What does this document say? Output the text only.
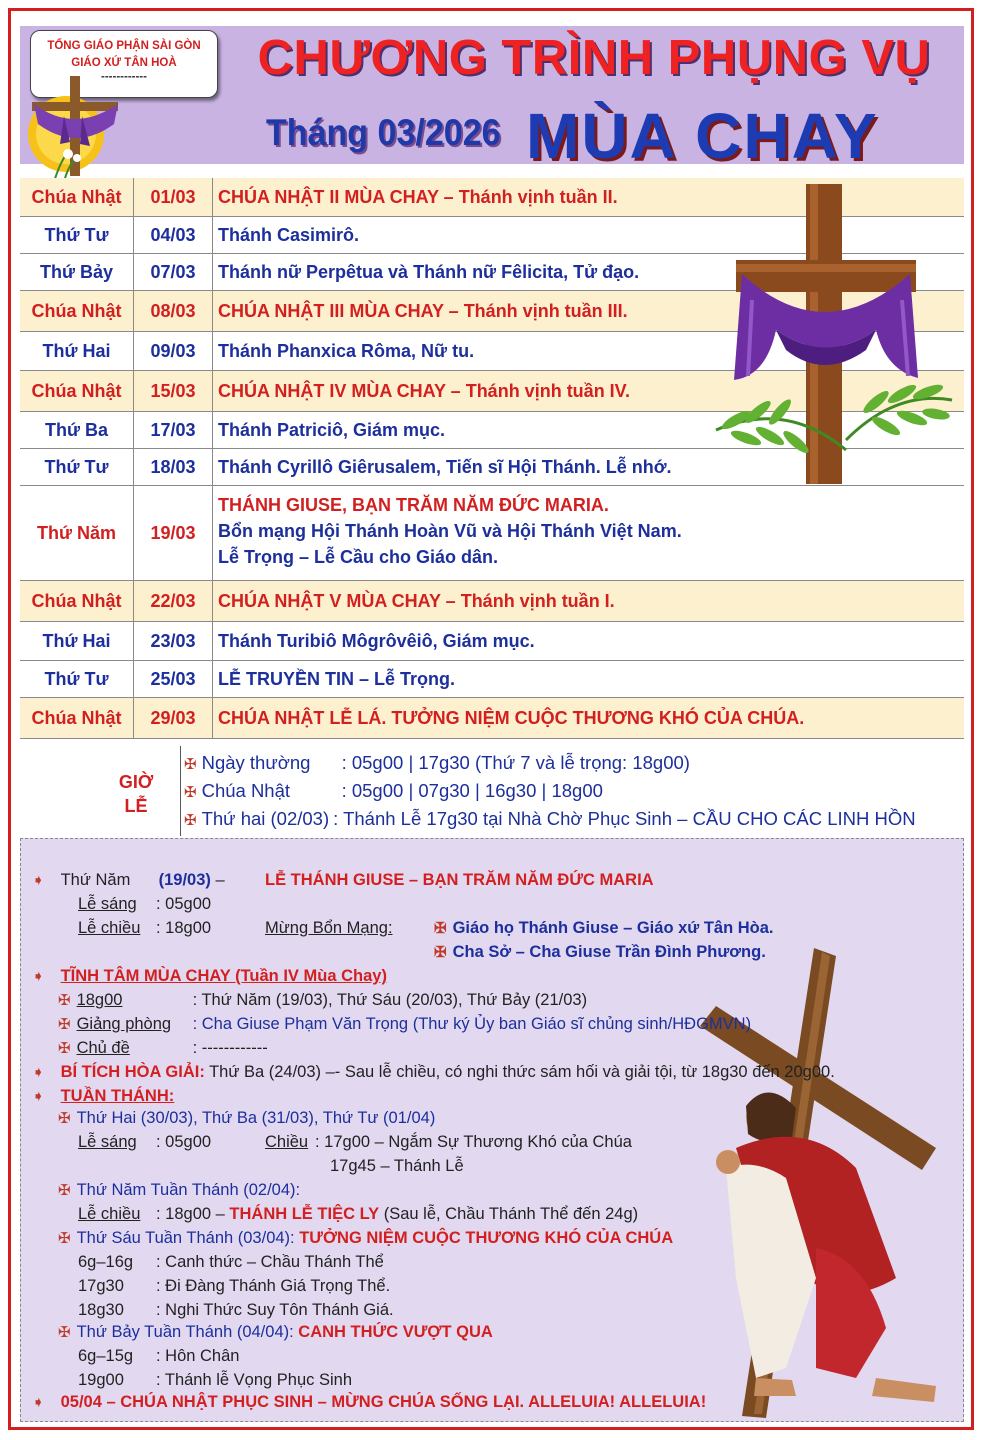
TỔNG GIÁO PHẬN SÀI GÒN
GIÁO XỨ TÂN HOÀ
------------	CHƯƠNG TRÌNH PHỤNG VỤ
Tháng 03/2026 MÙA CHAY
Chúa Nhật	01/03	CHÚA NHẬT II MÙA CHAY – Thánh vịnh tuần II.
Thứ Tư	04/03	Thánh Casimirô.
Thứ Bảy	07/03	Thánh nữ Perpêtua và Thánh nữ Fêlicita, Tử đạo.
Chúa Nhật	08/03	CHÚA NHẬT III MÙA CHAY – Thánh vịnh tuần III.
Thứ Hai	09/03	Thánh Phanxica Rôma, Nữ tu.
Chúa Nhật	15/03	CHÚA NHẬT IV MÙA CHAY – Thánh vịnh tuần IV.
Thứ Ba	17/03	Thánh Patriciô, Giám mục.
Thứ Tư	18/03	Thánh Cyrillô Giêrusalem, Tiến sĩ Hội Thánh. Lễ nhớ.
Thứ Năm	19/03
THÁNH GIUSE, BẠN TRĂM NĂM ĐỨC MARIA.
Bổn mạng Hội Thánh Hoàn Vũ và Hội Thánh Việt Nam.
Lễ Trọng – Lễ Cầu cho Giáo dân.
Chúa Nhật	22/03	CHÚA NHẬT V MÙA CHAY – Thánh vịnh tuần I.
Thứ Hai	23/03	Thánh Turibiô Môgrôvêiô, Giám mục.
Thứ Tư	25/03	LỄ TRUYỀN TIN – Lễ Trọng.
Chúa Nhật	29/03	CHÚA NHẬT LỄ LÁ. TƯỞNG NIỆM CUỘC THƯƠNG KHÓ CỦA CHÚA.
GIỜ
LỄ
✠ Ngày thường : 05g00 | 17g30 (Thứ 7 và lễ trọng: 18g00)
✠ Chúa Nhật	: 05g00 | 07g30 | 16g30 | 18g00
✠ Thứ hai (02/03) : Thánh Lễ 17g30 tại Nhà Chờ Phục Sinh – CẦU CHO CÁC LINH HỒN
➧ Thứ Năm (19/03) – LỄ THÁNH GIUSE – BẠN TRĂM NĂM ĐỨC MARIA
Lễ sáng : 05g00
Lễ chiều : 18g00	Mừng Bổn Mạng:	✠ Giáo họ Thánh Giuse – Giáo xứ Tân Hòa.
✠ Cha Sở – Cha Giuse Trần Đình Phương.
➧ TĨNH TÂM MÙA CHAY (Tuần IV Mùa Chay)
✠ 18g00	: Thứ Năm (19/03), Thứ Sáu (20/03), Thứ Bảy (21/03)
✠ Giảng phòng : Cha Giuse Phạm Văn Trọng (Thư ký Ủy ban Giáo sĩ chủng sinh/HĐGMVN)
✠ Chủ đề	: ------------
➧ BÍ TÍCH HÒA GIẢI: Thứ Ba (24/03) –- Sau lễ chiều, có nghi thức sám hối và giải tội, từ 18g30 đến 20g00.
➧ TUẦN THÁNH:
✠ Thứ Hai (30/03), Thứ Ba (31/03), Thứ Tư (01/04)
Lễ sáng : 05g00	Chiều : 17g00 – Ngắm Sự Thương Khó của Chúa
17g45 – Thánh Lễ
✠ Thứ Năm Tuần Thánh (02/04):
Lễ chiều : 18g00 – THÁNH LỄ TIỆC LY (Sau lễ, Chầu Thánh Thể đến 24g)
✠ Thứ Sáu Tuần Thánh (03/04): TƯỞNG NIỆM CUỘC THƯƠNG KHÓ CỦA CHÚA
6g–16g : Canh thức – Chầu Thánh Thể
17g30 : Đi Đàng Thánh Giá Trọng Thể.
18g30 : Nghi Thức Suy Tôn Thánh Giá.
✠ Thứ Bảy Tuần Thánh (04/04): CANH THỨC VƯỢT QUA
6g–15g : Hôn Chân
19g00 : Thánh lễ Vọng Phục Sinh
➧ 05/04 – CHÚA NHẬT PHỤC SINH – MỪNG CHÚA SỐNG LẠI. ALLELUIA! ALLELUIA!
